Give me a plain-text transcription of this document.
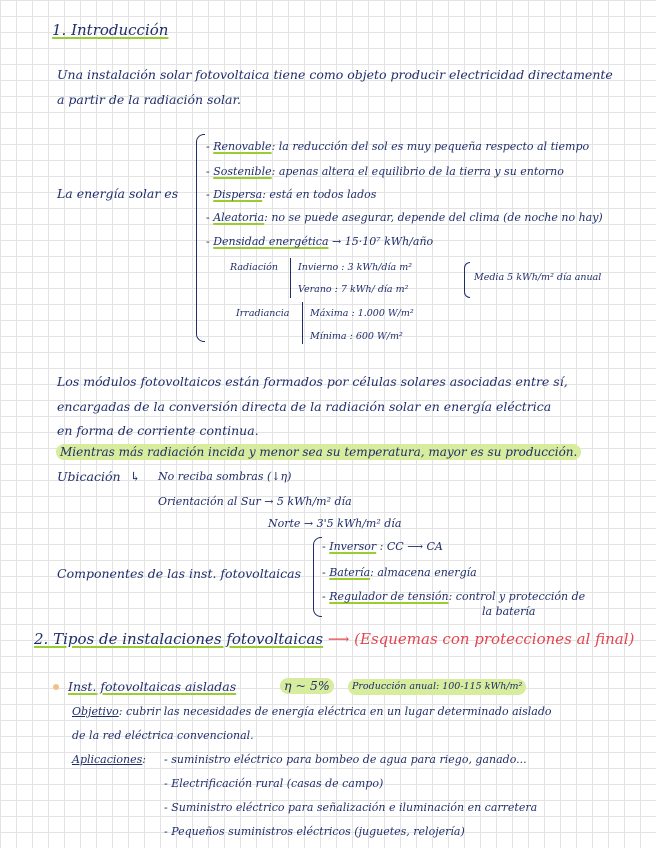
1. Introducción
Una instalación solar fotovoltaica tiene como objeto producir electricidad directamente
a partir de la radiación solar.
La energía solar es
- Renovable: la reducción del sol es muy pequeña respecto al tiempo
- Sostenible: apenas altera el equilibrio de la tierra y su entorno
- Dispersa: está en todos lados
- Aleatoria: no se puede asegurar, depende del clima (de noche no hay)
- Densidad energética → 15·10⁷ kWh/año
Radiación Invierno : 3 kWh/día m²
Verano : 7 kWh/ día m²
Media 5 kWh/m² día anual
Irradiancia Máxima : 1.000 W/m²
Mínima : 600 W/m²
Los módulos fotovoltaicos están formados por células solares asociadas entre sí,
encargadas de la conversión directa de la radiación solar en energía eléctrica
en forma de corriente continua.
Mientras más radiación incida y menor sea su temperatura, mayor es su producción.
Ubicación ↳ No reciba sombras (↓η)
Orientación al Sur → 5 kWh/m² día
Norte → 3'5 kWh/m² día
Componentes de las inst. fotovoltaicas
- Inversor : CC ⟶ CA
- Batería: almacena energía
- Regulador de tensión: control y protección de
la batería
2. Tipos de instalaciones fotovoltaicas ⟶ (Esquemas con protecciones al final)
Inst. fotovoltaicas aisladas	η ~ 5%	Producción anual: 100-115 kWh/m²
Objetivo: cubrir las necesidades de energía eléctrica en un lugar determinado aislado
de la red eléctrica convencional.
Aplicaciones: - suministro eléctrico para bombeo de agua para riego, ganado...
- Electrificación rural (casas de campo)
- Suministro eléctrico para señalización e iluminación en carretera
- Pequeños suministros eléctricos (juguetes, relojería)
